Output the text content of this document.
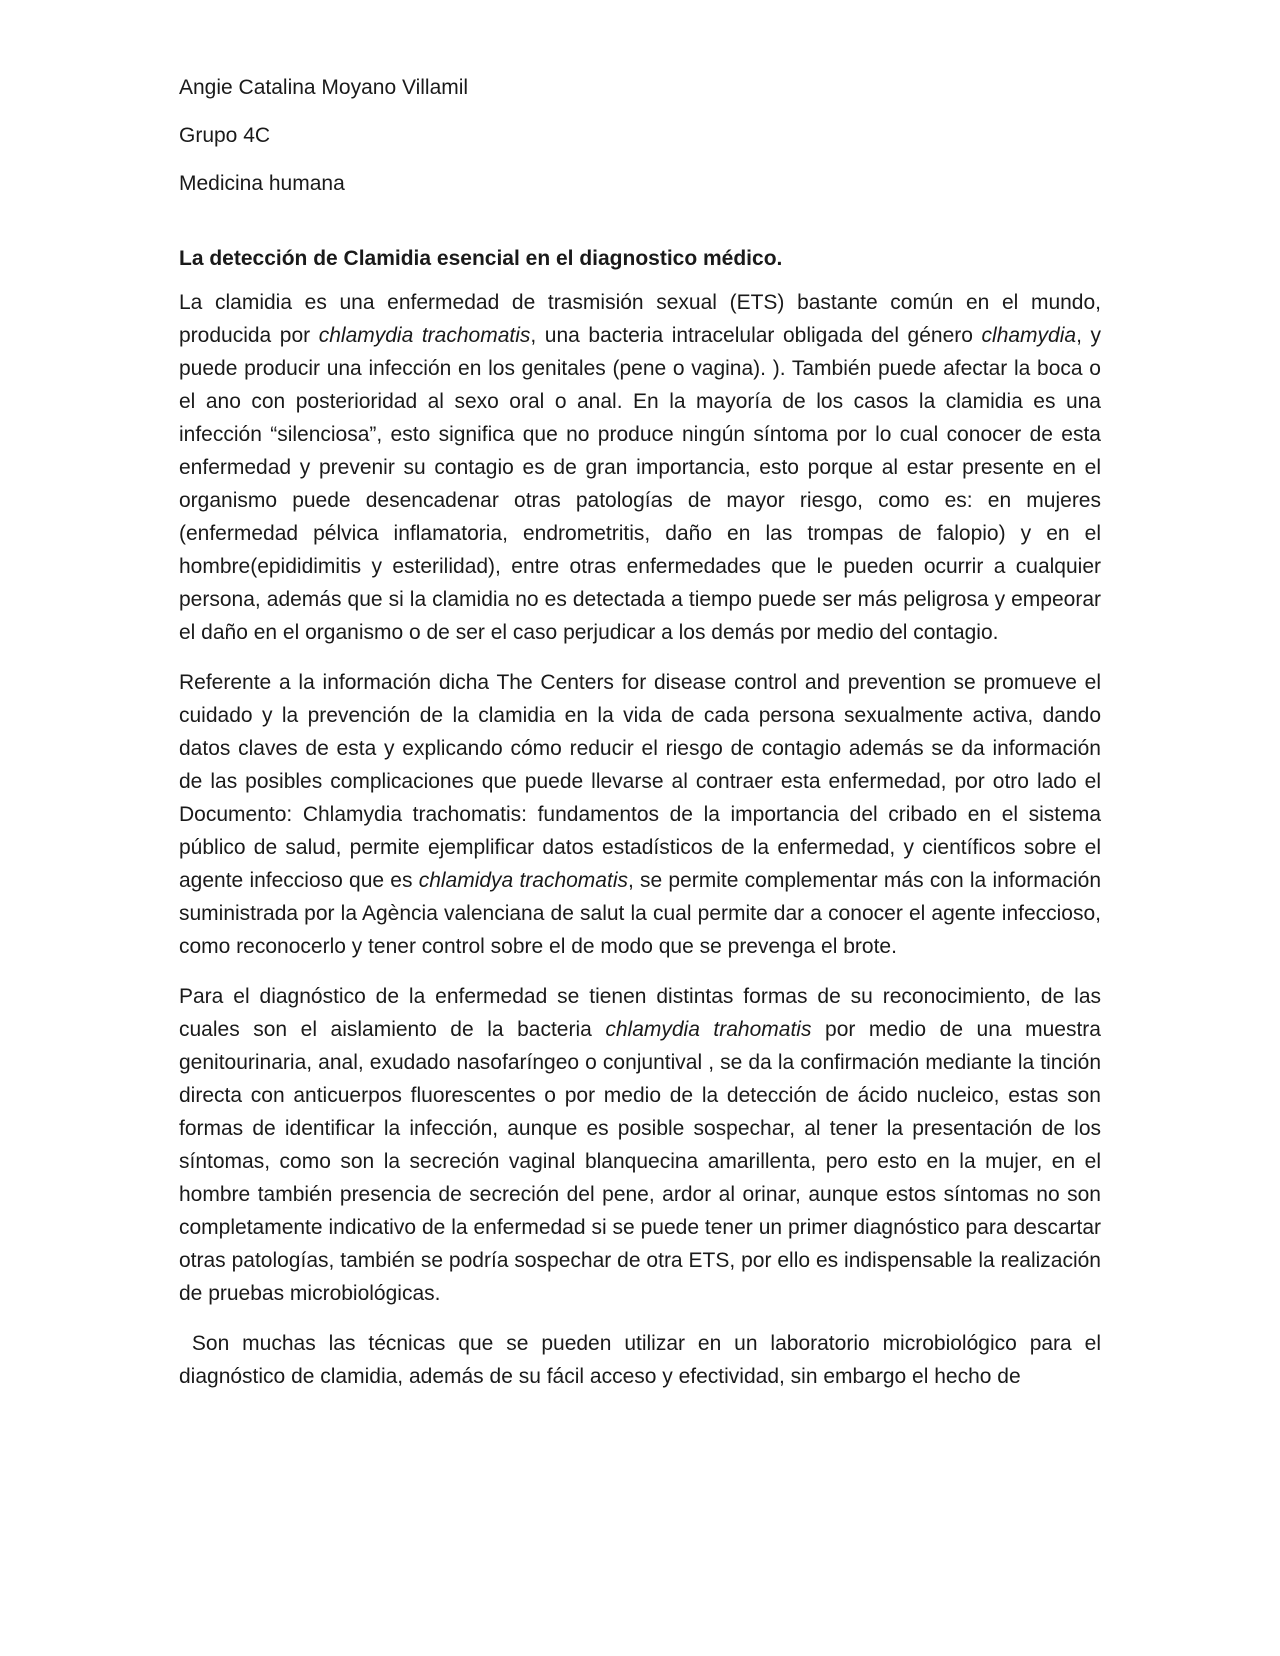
Angie Catalina Moyano Villamil
Grupo 4C
Medicina humana
La detección de Clamidia esencial en el diagnostico médico.

La clamidia es una enfermedad de trasmisión sexual (ETS) bastante común en el mundo, producida por chlamydia trachomatis, una bacteria intracelular obligada del género clhamydia, y puede producir una infección en los genitales (pene o vagina). ). También puede afectar la boca o el ano con posterioridad al sexo oral o anal. En la mayoría de los casos la clamidia es una infección “silenciosa”, esto significa que no produce ningún síntoma por lo cual conocer de esta enfermedad y prevenir su contagio es de gran importancia, esto porque al estar presente en el organismo puede desencadenar otras patologías de mayor riesgo, como es: en mujeres (enfermedad pélvica inflamatoria, endrometritis, daño en las trompas de falopio) y en el hombre(epididimitis y esterilidad), entre otras enfermedades que le pueden ocurrir a cualquier persona, además que si la clamidia no es detectada a tiempo puede ser más peligrosa y empeorar el daño en el organismo o de ser el caso perjudicar a los demás por medio del contagio.

Referente a la información dicha The Centers for disease control and prevention se promueve el cuidado y la prevención de la clamidia en la vida de cada persona sexualmente activa, dando datos claves de esta y explicando cómo reducir el riesgo de contagio además se da información de las posibles complicaciones que puede llevarse al contraer esta enfermedad, por otro lado el Documento: Chlamydia trachomatis: fundamentos de la importancia del cribado en el sistema público de salud, permite ejemplificar datos estadísticos de la enfermedad, y científicos sobre el agente infeccioso que es chlamidya trachomatis, se permite complementar más con la información suministrada por la Agència valenciana de salut la cual permite dar a conocer el agente infeccioso, como reconocerlo y tener control sobre el de modo que se prevenga el brote.

Para el diagnóstico de la enfermedad se tienen distintas formas de su reconocimiento, de las cuales son el aislamiento de la bacteria chlamydia trahomatis por medio de una muestra genitourinaria, anal, exudado nasofaríngeo o conjuntival , se da la confirmación mediante la tinción directa con anticuerpos fluorescentes o por medio de la detección de ácido nucleico, estas son formas de identificar la infección, aunque es posible sospechar, al tener la presentación de los síntomas, como son la secreción vaginal blanquecina amarillenta, pero esto en la mujer, en el hombre también presencia de secreción del pene, ardor al orinar, aunque estos síntomas no son completamente indicativo de la enfermedad si se puede tener un primer diagnóstico para descartar otras patologías, también se podría sospechar de otra ETS, por ello es indispensable la realización de pruebas microbiológicas.

Son muchas las técnicas que se pueden utilizar en un laboratorio microbiológico para el diagnóstico de clamidia, además de su fácil acceso y efectividad, sin embargo el hecho de
